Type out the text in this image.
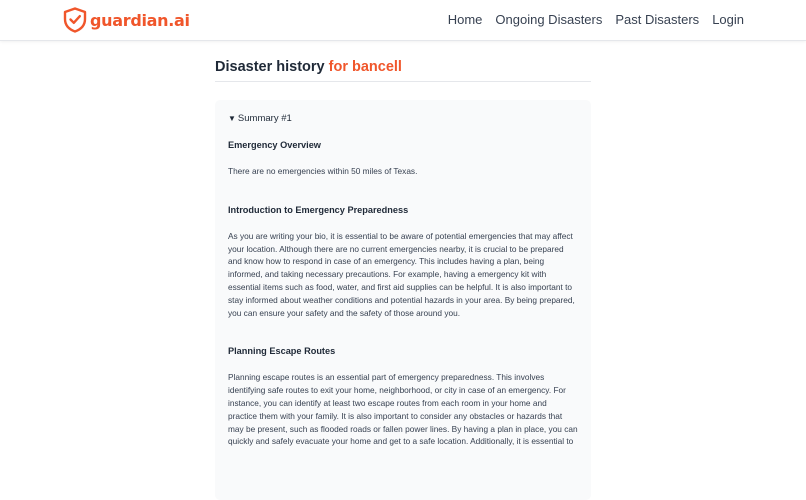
guardian.ai	Home Ongoing Disasters Past Disasters Login
Disaster history for bancell
▼ Summary #1
Emergency Overview

There are no emergencies within 50 miles of Texas.

Introduction to Emergency Preparedness

As you are writing your bio, it is essential to be aware of potential emergencies that may affect your location. Although there are no current emergencies nearby, it is crucial to be prepared and know how to respond in case of an emergency. This includes having a plan, being informed, and taking necessary precautions. For example, having a emergency kit with essential items such as food, water, and first aid supplies can be helpful. It is also important to stay informed about weather conditions and potential hazards in your area. By being prepared, you can ensure your safety and the safety of those around you.

Planning Escape Routes

Planning escape routes is an essential part of emergency preparedness. This involves identifying safe routes to exit your home, neighborhood, or city in case of an emergency. For instance, you can identify at least two escape routes from each room in your home and practice them with your family. It is also important to consider any obstacles or hazards that may be present, such as flooded roads or fallen power lines. By having a plan in place, you can quickly and safely evacuate your home and get to a safe location. Additionally, it is essential to
